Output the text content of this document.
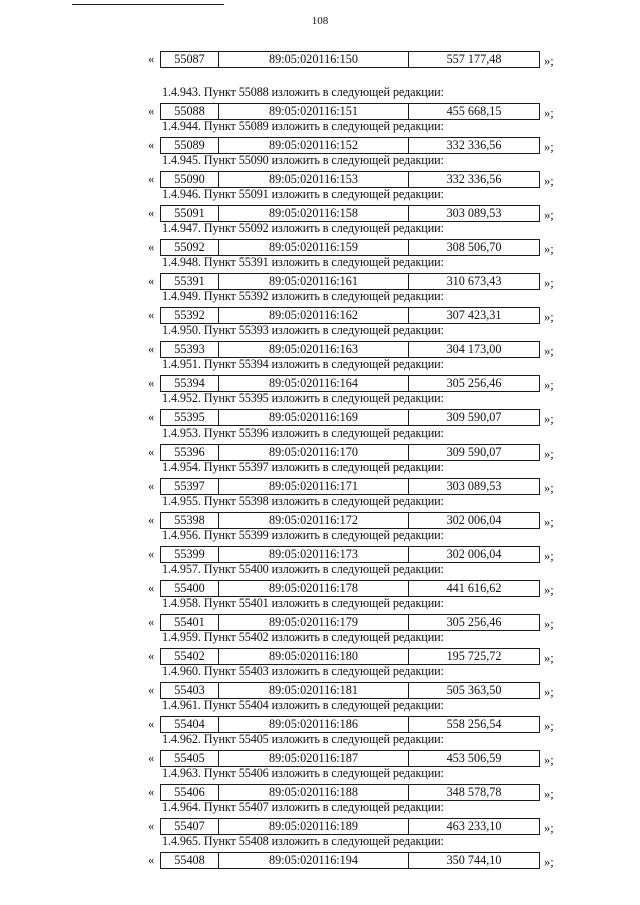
108
«	55087	89:05:020116:150	557 177,48	»;
1.4.943. Пункт 55088 изложить в следующей редакции:
«	55088	89:05:020116:151	455 668,15	»;
1.4.944. Пункт 55089 изложить в следующей редакции:
«	55089	89:05:020116:152	332 336,56	»;
1.4.945. Пункт 55090 изложить в следующей редакции:
«	55090	89:05:020116:153	332 336,56	»;
1.4.946. Пункт 55091 изложить в следующей редакции:
«	55091	89:05:020116:158	303 089,53	»;
1.4.947. Пункт 55092 изложить в следующей редакции:
«	55092	89:05:020116:159	308 506,70	»;
1.4.948. Пункт 55391 изложить в следующей редакции:
«	55391	89:05:020116:161	310 673,43	»;
1.4.949. Пункт 55392 изложить в следующей редакции:
«	55392	89:05:020116:162	307 423,31	»;
1.4.950. Пункт 55393 изложить в следующей редакции:
«	55393	89:05:020116:163	304 173,00	»;
1.4.951. Пункт 55394 изложить в следующей редакции:
«	55394	89:05:020116:164	305 256,46	»;
1.4.952. Пункт 55395 изложить в следующей редакции:
«	55395	89:05:020116:169	309 590,07	»;
1.4.953. Пункт 55396 изложить в следующей редакции:
«	55396	89:05:020116:170	309 590,07	»;
1.4.954. Пункт 55397 изложить в следующей редакции:
«	55397	89:05:020116:171	303 089,53	»;
1.4.955. Пункт 55398 изложить в следующей редакции:
«	55398	89:05:020116:172	302 006,04	»;
1.4.956. Пункт 55399 изложить в следующей редакции:
«	55399	89:05:020116:173	302 006,04	»;
1.4.957. Пункт 55400 изложить в следующей редакции:
«	55400	89:05:020116:178	441 616,62	»;
1.4.958. Пункт 55401 изложить в следующей редакции:
«	55401	89:05:020116:179	305 256,46	»;
1.4.959. Пункт 55402 изложить в следующей редакции:
«	55402	89:05:020116:180	195 725,72	»;
1.4.960. Пункт 55403 изложить в следующей редакции:
«	55403	89:05:020116:181	505 363,50	»;
1.4.961. Пункт 55404 изложить в следующей редакции:
«	55404	89:05:020116:186	558 256,54	»;
1.4.962. Пункт 55405 изложить в следующей редакции:
«	55405	89:05:020116:187	453 506,59	»;
1.4.963. Пункт 55406 изложить в следующей редакции:
«	55406	89:05:020116:188	348 578,78	»;
1.4.964. Пункт 55407 изложить в следующей редакции:
«	55407	89:05:020116:189	463 233,10	»;
1.4.965. Пункт 55408 изложить в следующей редакции:
«	55408	89:05:020116:194	350 744,10	»;
